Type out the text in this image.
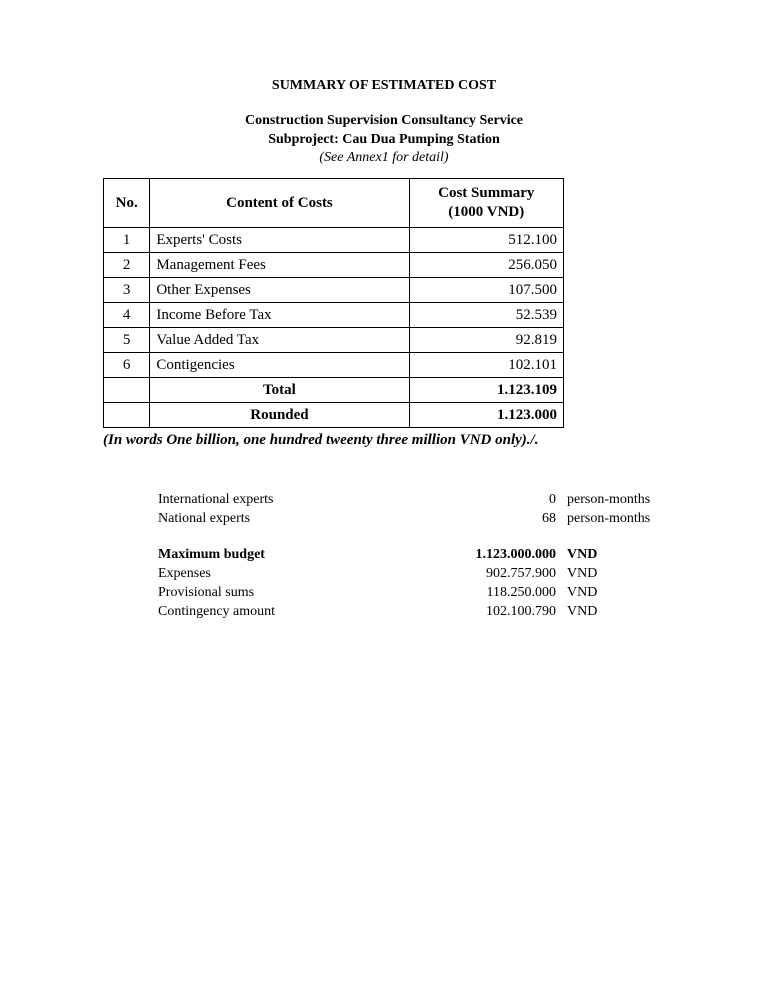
SUMMARY OF ESTIMATED COST
Construction Supervision Consultancy Service
Subproject: Cau Dua Pumping Station
(See Annex1 for detail)
No.	Content of Costs	Cost Summary
(1000 VND)
1	Experts' Costs	512.100
2	Management Fees	256.050
3	Other Expenses	107.500
4	Income Before Tax	52.539
5	Value Added Tax	92.819
6	Contigencies	102.101
	Total	1.123.109
	Rounded	1.123.000
(In words One billion, one hundred tweenty three million VND only)./.
International experts	0 person-months
National experts	68 person-months
Maximum budget	1.123.000.000 VND
Expenses	902.757.900 VND
Provisional sums	118.250.000 VND
Contingency amount	102.100.790 VND
